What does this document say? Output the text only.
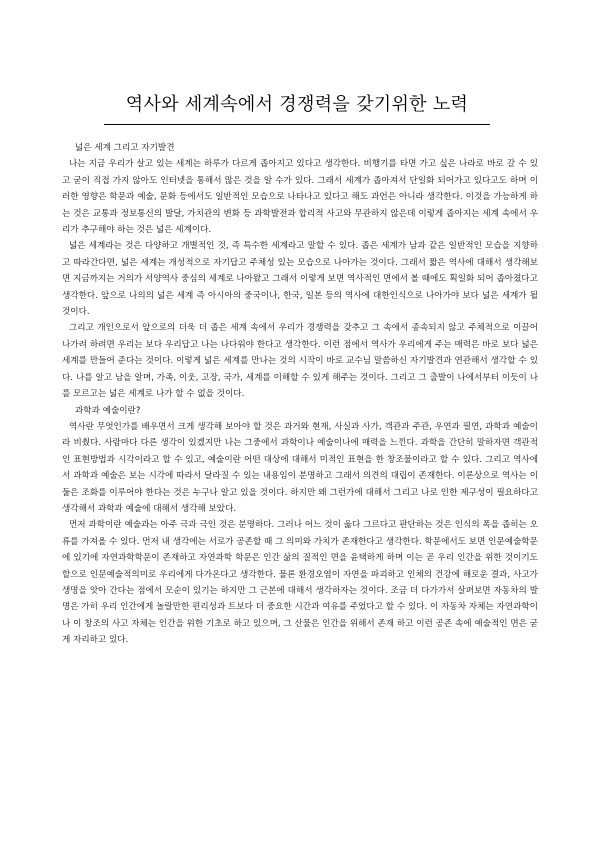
역사와 세계속에서 경쟁력을 갖기위한 노력

넓은 세계 그리고 자기발견

나는 지금 우리가 살고 있는 세계는 하루가 다르게 좁아지고 있다고 생각한다. 비행기를 타면 가고 싶은 나라로 바로 갈 수 있고 굳이 직접 가지 않아도 인터넷을 통해서 많은 것을 알 수가 있다. 그래서 세계가 좁아져서 단일화 되어가고 있다고도 하며 이러한 영향은 학문과 예술, 문화 등에서도 일반적인 모습으로 나타나고 있다고 해도 과언은 아니라 생각한다. 이것을 가능하게 하는 것은 교통과 정보통신의 발달, 가치관의 변화 등 과학발전과 합리적 사고와 무관하지 않은데 이렇게 좁아지는 세계 속에서 우리가 추구해야 하는 것은 넓은 세계이다.

넓은 세계라는 것은 다양하고 개별적인 것, 즉 특수한 세계라고 말할 수 있다. 좁은 세계가 남과 같은 일반적인 모습을 지향하고 따라간다면, 넓은 세계는 개성적으로 자기답고 주체성 있는 모습으로 나아가는 것이다. 그래서 짧은 역사에 대해서 생각해보면 지금까지는 거의가 서양역사 중심의 세계로 나아왔고 그래서 이렇게 보면 역사적인 면에서 볼 때에도 획일화 되어 좁아졌다고 생각한다. 앞으로 나의의 넓은 세계 즉 아시아의 중국이나, 한국, 일본 등의 역사에 대한인식으로 나아가야 보다 넓은 세계가 될 것이다.

그리고 개인으로서 앞으로의 더욱 더 좁은 세계 속에서 우리가 경쟁력을 갖추고 그 속에서 종속되지 않고 주체적으로 이끌어 나가려 하려면 우리는 보다 우리답고 나는 나다워야 한다고 생각한다. 이런 점에서 역사가 우리에게 주는 매력은 바로 보다 넓은 세계를 만들어 준다는 것이다. 이렇게 넓은 세계를 만나는 것의 시작이 바로 교수님 말씀하신 자기발견과 연관해서 생각할 수 있다. 나를 알고 남을 알며, 가족, 이웃, 고장, 국가, 세계를 이해할 수 있게 해주는 것이다. 그리고 그 출발이 나에서부터 이듯이 나를 모르고는 넓은 세계로 나가 할 수 없을 것이다.

과학과 예술이란?

역사란 무엇인가를 배우면서 크게 생각해 보아야 할 것은 과거와 현재, 사실과 사가, 객관과 주관, 우연과 필연, 과학과 예술이라 비췄다. 사람마다 다른 생각이 있겠지만 나는 그중에서 과학이나 예술이나에 매력을 느낀다. 과학을 간단히 말하자면 객관적인 표현방법과 시각이라고 할 수 있고, 예술이란 어떤 대상에 대해서 미적인 표현을 한 창조물이라고 할 수 있다. 그리고 역사에서 과학과 예술은 보는 시각에 따라서 달라질 수 있는 내용임이 분명하고 그래서 의견의 대립이 존재한다. 이론상으로 역사는 이 둘은 조화를 이루어야 한다는 것은 누구나 알고 있을 것이다. 하지만 왜 그런가에 대해서 그리고 나로 인한 제구성이 필요하다고 생각해서 과학과 예술에 대해서 생각해 보았다.

먼저 과학이란 예술과는 아주 극과 극인 것은 분명하다. 그러나 어느 것이 옳다 그르다고 판단하는 것은 인식의 폭을 좁히는 오류를 가져올 수 있다. 먼저 내 생각에는 서로가 공존할 때 그 의미와 가치가 존재한다고 생각한다. 학문에서도 보면 인문예술학문에 있기에 자연과학학문이 존재하고 자연과학 학문은 인간 삶의 질적인 면을 윤택하게 하며 이는 곧 우리 인간을 위한 것이기도 할으로 인문예술적의미로 우리에게 다가온다고 생각한다. 물론 환경오염이 자연을 파괴하고 인체의 건강에 해로운 결과, 사고가 생명을 앗아 간다는 점에서 모순이 있기는 하지만 그 근본에 대해서 생각하자는 것이다. 조금 더 다가가서 살펴보면 자동차의 발명은 가히 우리 인간에게 놀랄만한 편리성과 트보다 더 중요한 시간과 여유를 주었다고 할 수 있다. 이 자동차 자체는 자연과학이나 이 창조의 사고 자체는 인간을 위한 기초로 하고 있으며, 그 산물은 인간을 위해서 존재 하고 이런 공존 속에 예술적인 면은 굳게 자리하고 있다.
